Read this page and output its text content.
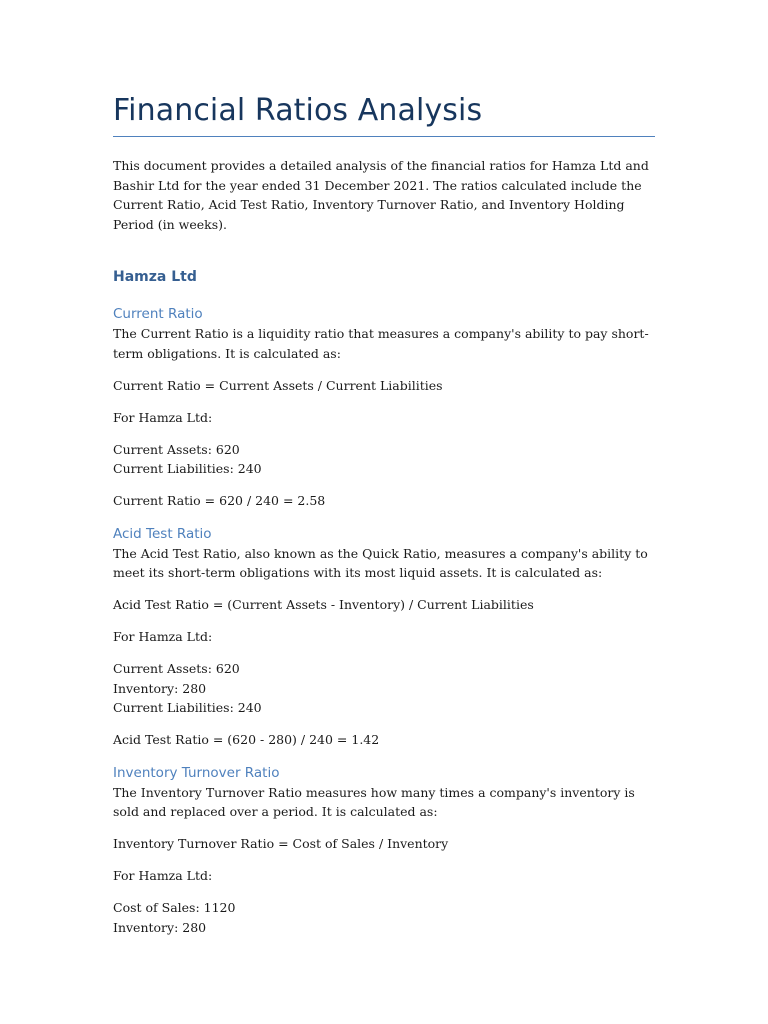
Financial Ratios Analysis

This document provides a detailed analysis of the financial ratios for Hamza Ltd and Bashir Ltd for the year ended 31 December 2021. The ratios calculated include the Current Ratio, Acid Test Ratio, Inventory Turnover Ratio, and Inventory Holding Period (in weeks).

Hamza Ltd
Current Ratio

The Current Ratio is a liquidity ratio that measures a company's ability to pay short-term obligations. It is calculated as:

Current Ratio = Current Assets / Current Liabilities

For Hamza Ltd:

Current Assets: 620

Current Liabilities: 240

Current Ratio = 620 / 240 = 2.58

Acid Test Ratio

The Acid Test Ratio, also known as the Quick Ratio, measures a company's ability to meet its short-term obligations with its most liquid assets. It is calculated as:

Acid Test Ratio = (Current Assets - Inventory) / Current Liabilities

For Hamza Ltd:

Current Assets: 620

Inventory: 280

Current Liabilities: 240

Acid Test Ratio = (620 - 280) / 240 = 1.42

Inventory Turnover Ratio

The Inventory Turnover Ratio measures how many times a company's inventory is sold and replaced over a period. It is calculated as:

Inventory Turnover Ratio = Cost of Sales / Inventory

For Hamza Ltd:

Cost of Sales: 1120

Inventory: 280
